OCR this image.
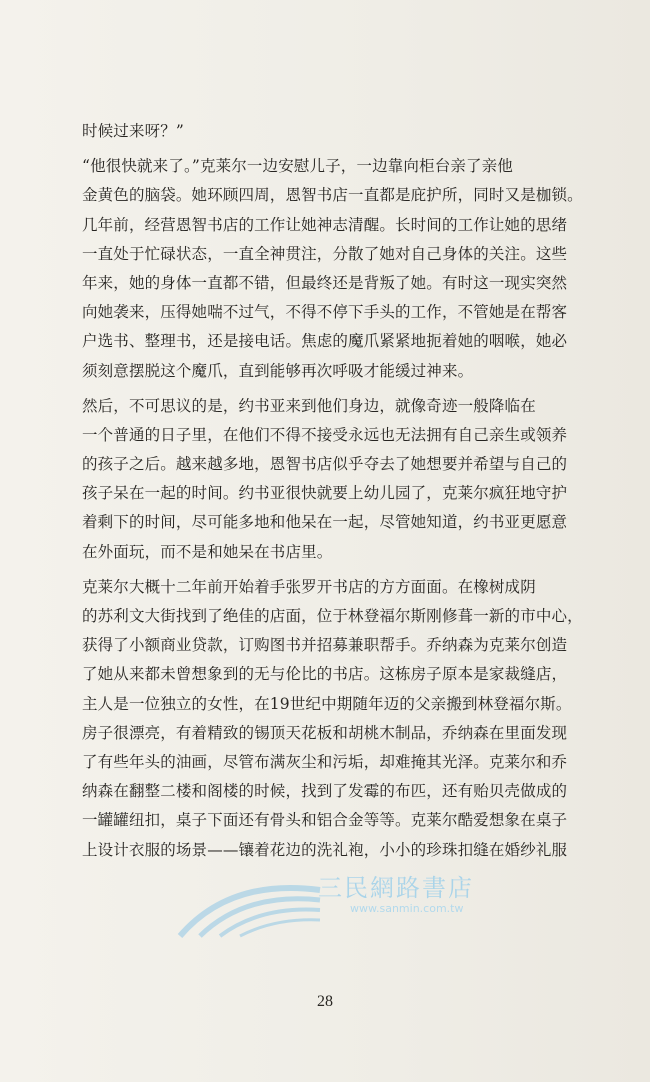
时候过来呀？”
“他很快就来了。”克莱尔一边安慰儿子，一边靠向柜台亲了亲他
金黄色的脑袋。她环顾四周，恩智书店一直都是庇护所，同时又是枷锁。
几年前，经营恩智书店的工作让她神志清醒。长时间的工作让她的思绪
一直处于忙碌状态，一直全神贯注，分散了她对自己身体的关注。这些
年来，她的身体一直都不错，但最终还是背叛了她。有时这一现实突然
向她袭来，压得她喘不过气，不得不停下手头的工作，不管她是在帮客
户选书、整理书，还是接电话。焦虑的魔爪紧紧地扼着她的咽喉，她必
须刻意摆脱这个魔爪，直到能够再次呼吸才能缓过神来。
然后，不可思议的是，约书亚来到他们身边，就像奇迹一般降临在
一个普通的日子里，在他们不得不接受永远也无法拥有自己亲生或领养
的孩子之后。越来越多地，恩智书店似乎夺去了她想要并希望与自己的
孩子呆在一起的时间。约书亚很快就要上幼儿园了，克莱尔疯狂地守护
着剩下的时间，尽可能多地和他呆在一起，尽管她知道，约书亚更愿意
在外面玩，而不是和她呆在书店里。
克莱尔大概十二年前开始着手张罗开书店的方方面面。在橡树成阴
的苏利文大街找到了绝佳的店面，位于林登福尔斯刚修葺一新的市中心，
获得了小额商业贷款，订购图书并招募兼职帮手。乔纳森为克莱尔创造
了她从来都未曾想象到的无与伦比的书店。这栋房子原本是家裁缝店，
主人是一位独立的女性，在19世纪中期随年迈的父亲搬到林登福尔斯。
房子很漂亮，有着精致的锡顶天花板和胡桃木制品，乔纳森在里面发现
了有些年头的油画，尽管布满灰尘和污垢，却难掩其光泽。克莱尔和乔
纳森在翻整二楼和阁楼的时候，找到了发霉的布匹，还有贻贝壳做成的
一罐罐纽扣，桌子下面还有骨头和铝合金等等。克莱尔酷爱想象在桌子
上设计衣服的场景——镶着花边的洗礼袍，小小的珍珠扣缝在婚纱礼服
三民網路書店
www.sanmin.com.tw
28
